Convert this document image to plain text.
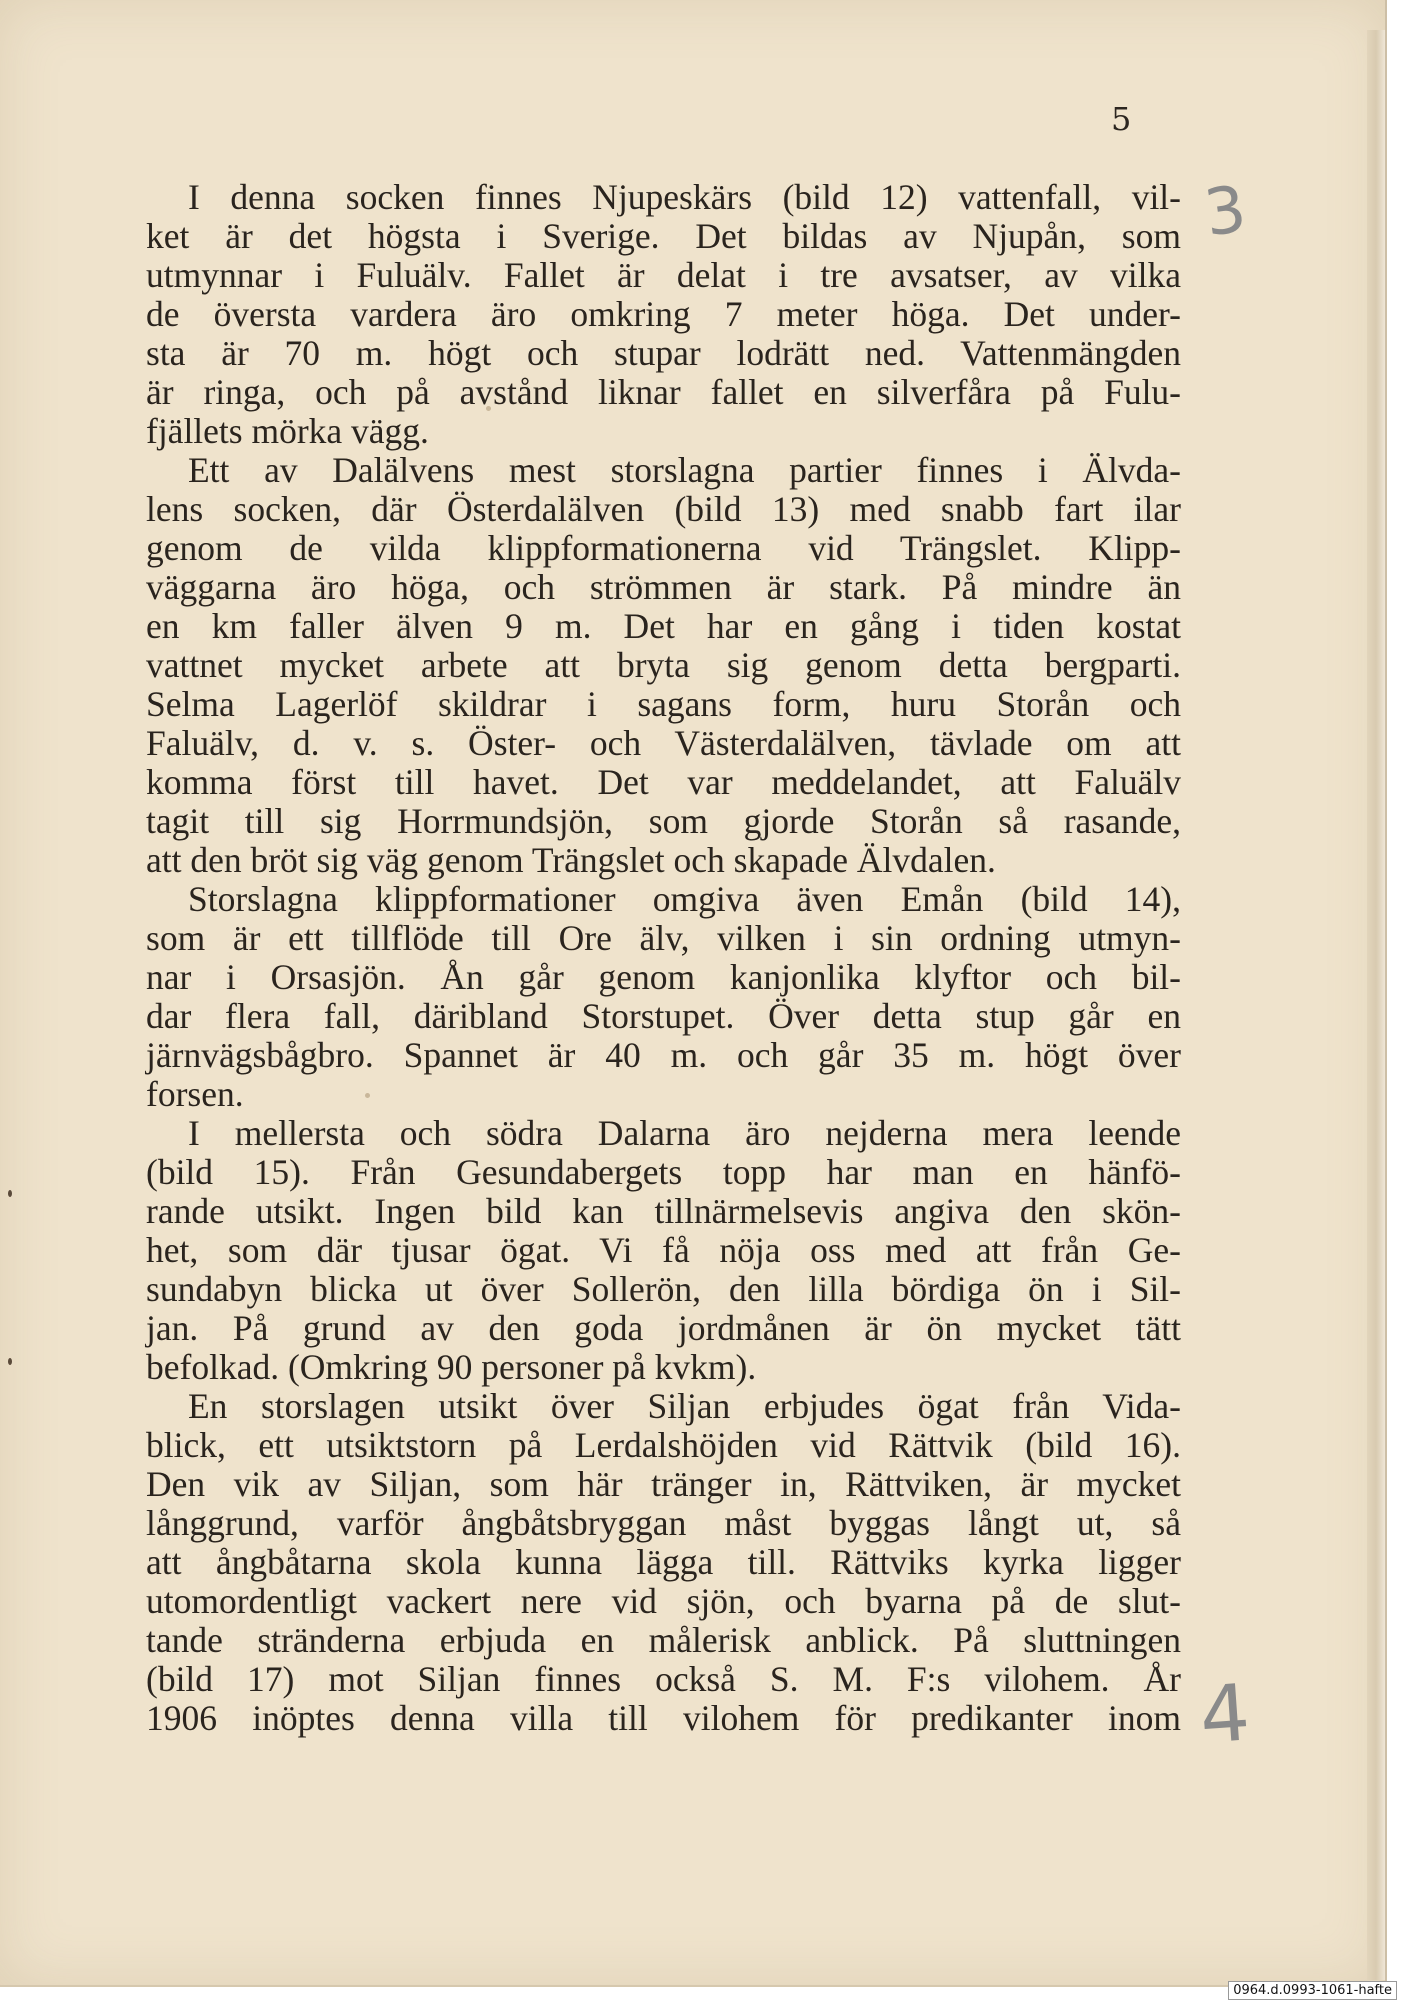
5
3
4

I denna socken finnes Njupeskärs (bild 12) vattenfall, vil-

ket är det högsta i Sverige. Det bildas av Njupån, som

utmynnar i Fuluälv. Fallet är delat i tre avsatser, av vilka

de översta vardera äro omkring 7 meter höga. Det under-

sta är 70 m. högt och stupar lodrätt ned. Vattenmängden

är ringa, och på avstånd liknar fallet en silverfåra på Fulu-

fjällets mörka vägg.

Ett av Dalälvens mest storslagna partier finnes i Älvda-

lens socken, där Österdalälven (bild 13) med snabb fart ilar

genom de vilda klippformationerna vid Trängslet. Klipp-

väggarna äro höga, och strömmen är stark. På mindre än

en km faller älven 9 m. Det har en gång i tiden kostat

vattnet mycket arbete att bryta sig genom detta bergparti.

Selma Lagerlöf skildrar i sagans form, huru Storån och

Faluälv, d. v. s. Öster- och Västerdalälven, tävlade om att

komma först till havet. Det var meddelandet, att Faluälv

tagit till sig Horrmundsjön, som gjorde Storån så rasande,

att den bröt sig väg genom Trängslet och skapade Älvdalen.

Storslagna klippformationer omgiva även Emån (bild 14),

som är ett tillflöde till Ore älv, vilken i sin ordning utmyn-

nar i Orsasjön. Ån går genom kanjonlika klyftor och bil-

dar flera fall, däribland Storstupet. Över detta stup går en

järnvägsbågbro. Spannet är 40 m. och går 35 m. högt över

forsen.

I mellersta och södra Dalarna äro nejderna mera leende

(bild 15). Från Gesundabergets topp har man en hänfö-

rande utsikt. Ingen bild kan tillnärmelsevis angiva den skön-

het, som där tjusar ögat. Vi få nöja oss med att från Ge-

sundabyn blicka ut över Sollerön, den lilla bördiga ön i Sil-

jan. På grund av den goda jordmånen är ön mycket tätt

befolkad. (Omkring 90 personer på kvkm).

En storslagen utsikt över Siljan erbjudes ögat från Vida-

blick, ett utsiktstorn på Lerdalshöjden vid Rättvik (bild 16).

Den vik av Siljan, som här tränger in, Rättviken, är mycket

långgrund, varför ångbåtsbryggan måst byggas långt ut, så

att ångbåtarna skola kunna lägga till. Rättviks kyrka ligger

utomordentligt vackert nere vid sjön, och byarna på de slut-

tande stränderna erbjuda en målerisk anblick. På sluttningen

(bild 17) mot Siljan finnes också S. M. F:s vilohem. År

1906 inöptes denna villa till vilohem för predikanter inom

0964.d.0993-1061-hafte
